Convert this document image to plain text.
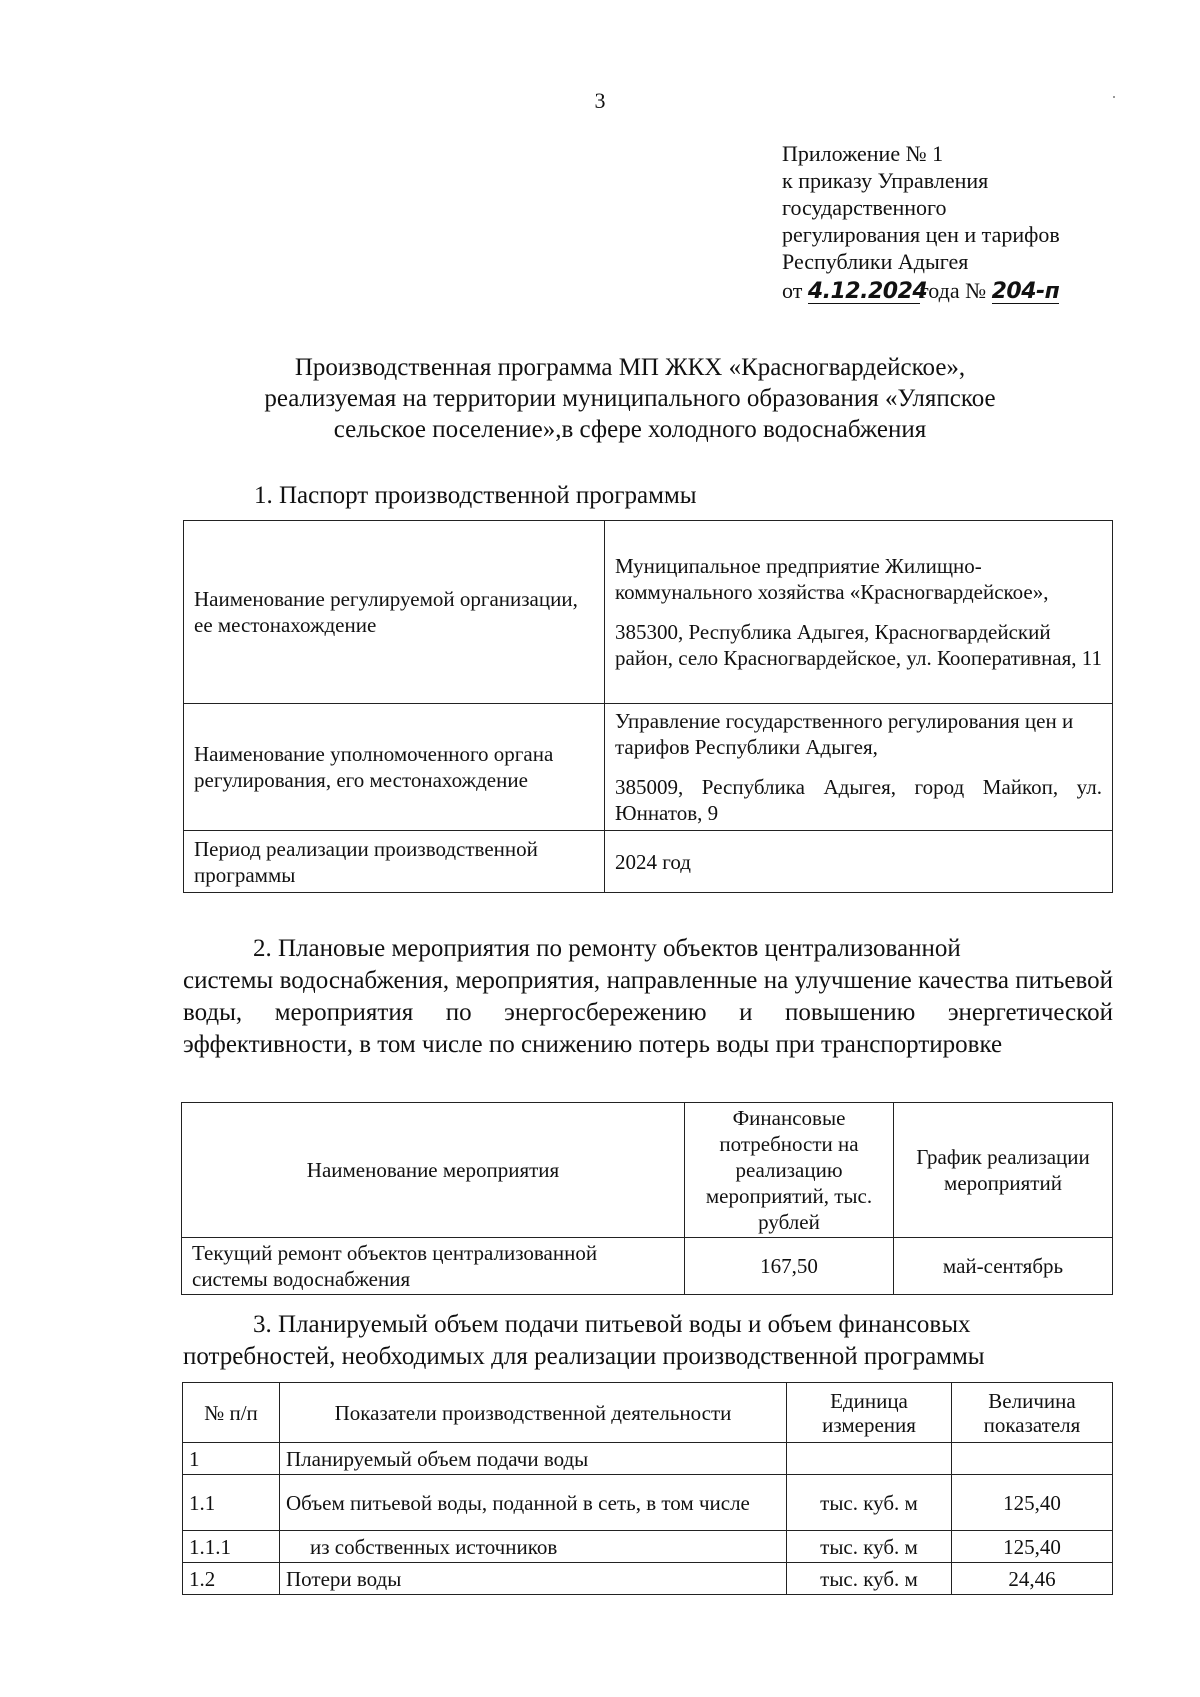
3
Приложение № 1
к приказу Управления
государственного
регулирования цен и тарифов
Республики Адыгея
от 4.12.2024года № 204-п
Производственная программа МП ЖКХ «Красногвардейское»,
реализуемая на территории муниципального образования «Уляпское
сельское поселение»,в сфере холодного водоснабжения
1. Паспорт производственной программы

Наименование регулируемой организации, ее местонахождение	Муниципальное предприятие Жилищно-коммунального хозяйства «Красногвардейское»,

385300, Республика Адыгея, Красногвардейский район, село Красногвардейское, ул. Кооперативная, 11

Наименование уполномоченного органа регулирования, его местонахождение	Управление государственного регулирования цен и тарифов Республики Адыгея,

385009, Республика Адыгея, город Майкоп, ул. Юннатов, 9

Период реализации производственной программы	2024 год

2. Плановые мероприятия по ремонту объектов централизованной
системы водоснабжения, мероприятия, направленные на улучшение качества питьевой воды, мероприятия по энергосбережению и повышению энергетической эффективности, в том числе по снижению потерь воды при транспортировке
Наименование мероприятия	Финансовые потребности на реализацию мероприятий, тыс. рублей	График реализации мероприятий
Текущий ремонт объектов централизованной системы водоснабжения	167,50	май-сентябрь
3. Планируемый объем подачи питьевой воды и объем финансовых
потребностей, необходимых для реализации производственной программы
№ п/п	Показатели производственной деятельности	Единица измерения	Величина показателя
1	Планируемый объем подачи воды		
1.1	Объем питьевой воды, поданной в сеть, в том числе	тыс. куб. м	125,40
1.1.1	из собственных источников	тыс. куб. м	125,40
1.2	Потери воды	тыс. куб. м	24,46
